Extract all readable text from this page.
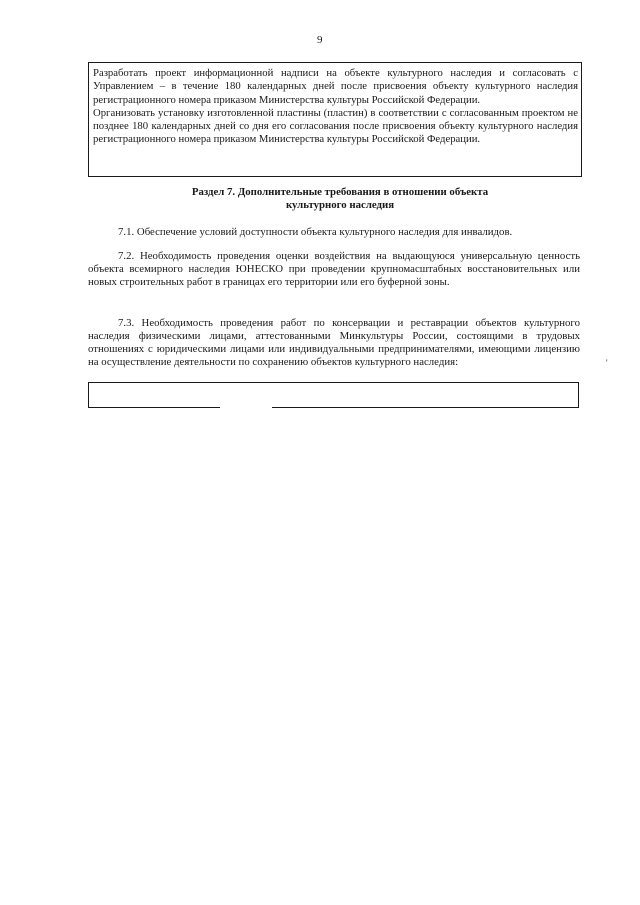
9

Разработать проект информационной надписи на объекте культурного наследия и согласовать с Управлением – в течение 180 календарных дней после присвоения объекту культурного наследия регистрационного номера приказом Министерства культуры Российской Федерации.

Организовать установку изготовленной пластины (пластин) в соответствии с согласованным проектом не позднее 180 календарных дней со дня его согласования после присвоения объекту культурного наследия регистрационного номера приказом Министерства культуры Российской Федерации.

Раздел 7. Дополнительные требования в отношении объекта
культурного наследия

7.1. Обеспечение условий доступности объекта культурного наследия для инвалидов.

7.2. Необходимость проведения оценки воздействия на выдающуюся универсальную ценность объекта всемирного наследия ЮНЕСКО при проведении крупномасштабных восстановительных или новых строительных работ в границах его территории или его буферной зоны.

7.3. Необходимость проведения работ по консервации и реставрации объектов культурного наследия физическими лицами, аттестованными Минкультуры России, состоящими в трудовых отношениях с юридическими лицами или индивидуальными предпринимателями, имеющими лицензию на осуществление деятельности по сохранению объектов культурного наследия:	'
